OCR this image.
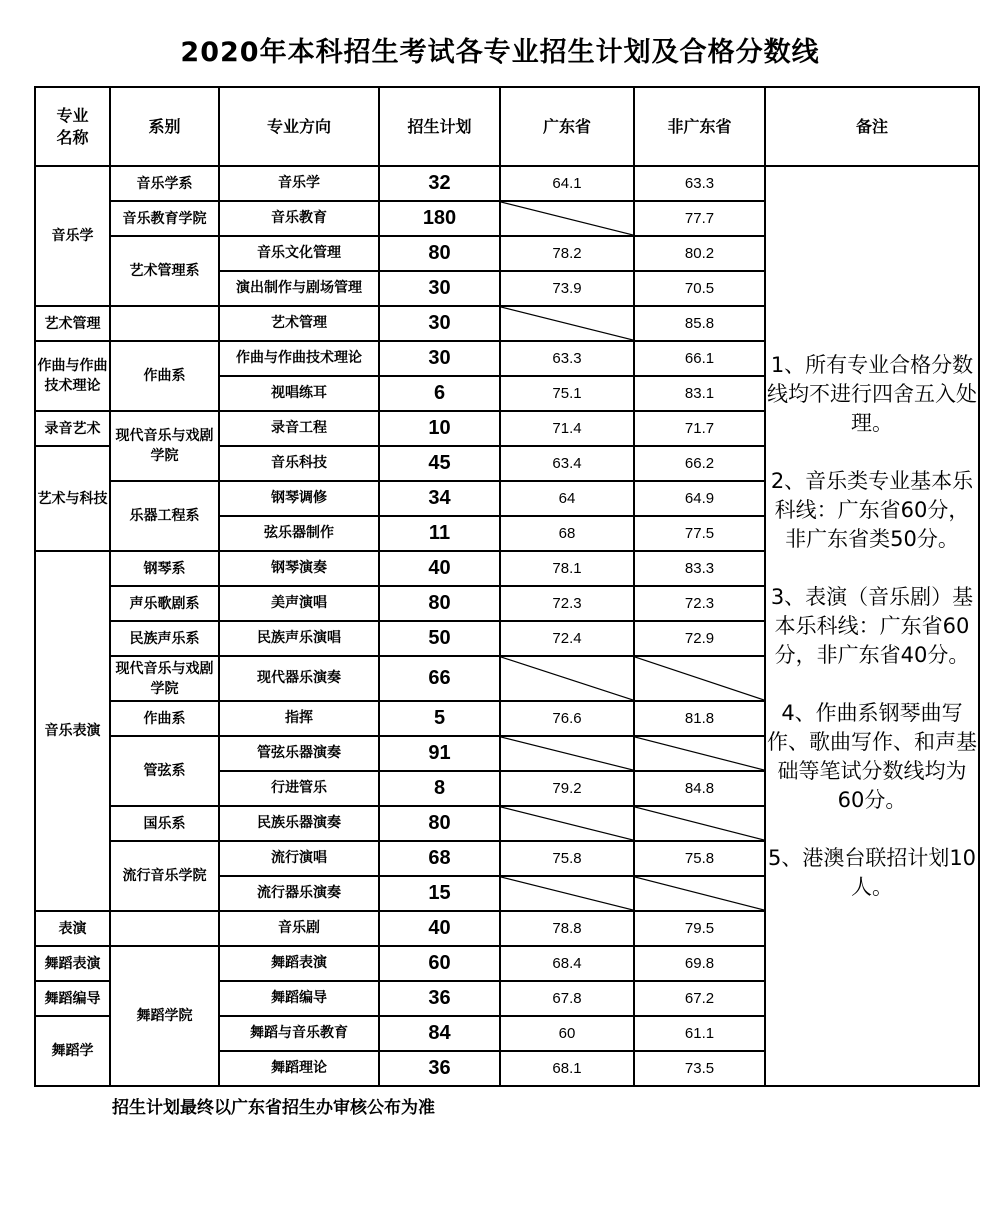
2020年本科招生考试各专业招生计划及合格分数线
专业
名称	系别	专业方向	招生计划	广东省	非广东省	备注
音乐学	音乐学系	音乐学	32	64.1	63.3	1、所有专业合格分数线均不进行四舍五入处理。
2、音乐类专业基本乐科线：广东省60分，非广东省类50分。
3、表演（音乐剧）基本乐科线：广东省60分，非广东省40分。
4、作曲系钢琴曲写作、歌曲写作、和声基础等笔试分数线均为60分。
5、港澳台联招计划10人。

	音乐教育学院	音乐教育	180		77.7	
	艺术管理系	音乐文化管理	80	78.2	80.2	
		演出制作与剧场管理	30	73.9	70.5	
艺术管理		艺术管理	30		85.8	
作曲与作曲技术理论	作曲系	作曲与作曲技术理论	30	63.3	66.1	
		视唱练耳	6	75.1	83.1	
录音艺术	现代音乐与戏剧学院	录音工程	10	71.4	71.7	
艺术与科技		音乐科技	45	63.4	66.2	
	乐器工程系	钢琴调修	34	64	64.9	
		弦乐器制作	11	68	77.5	
音乐表演	钢琴系	钢琴演奏	40	78.1	83.3	
	声乐歌剧系	美声演唱	80	72.3	72.3	
	民族声乐系	民族声乐演唱	50	72.4	72.9	
	现代音乐与戏剧学院	现代器乐演奏	66	

	作曲系	指挥	5	76.6	81.8	
	管弦系	管弦乐器演奏	91	

		行进管乐	8	79.2	84.8	
	国乐系	民族乐器演奏	80	

	流行音乐学院	流行演唱	68	75.8	75.8	
		流行器乐演奏	15	

表演		音乐剧	40	78.8	79.5	
舞蹈表演	舞蹈学院	舞蹈表演	60	68.4	69.8	
舞蹈编导		舞蹈编导	36	67.8	67.2	
舞蹈学		舞蹈与音乐教育	84	60	61.1	
		舞蹈理论	36	68.1	73.5	
招生计划最终以广东省招生办审核公布为准
